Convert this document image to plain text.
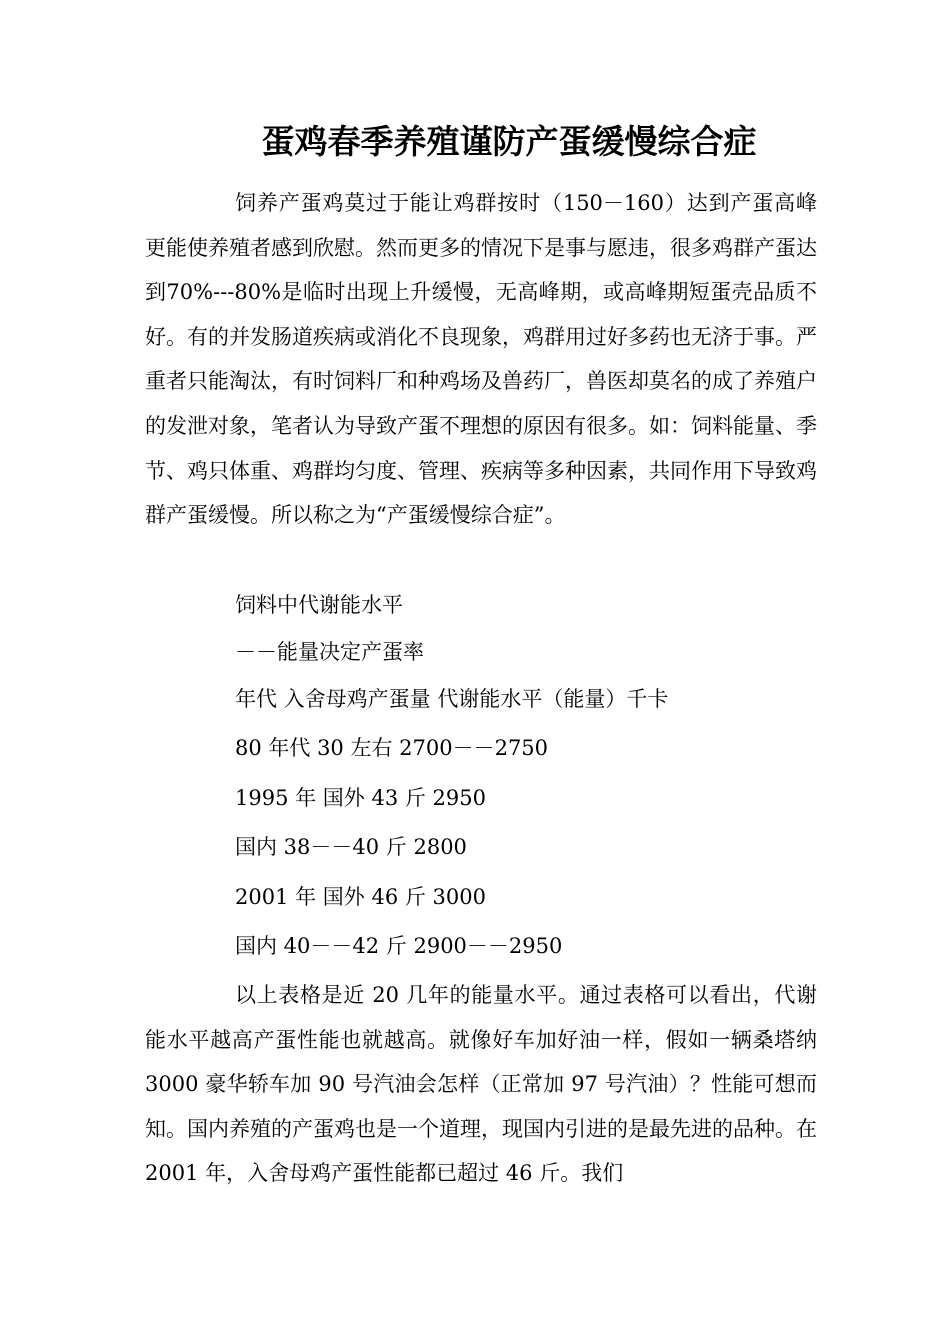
蛋鸡春季养殖谨防产蛋缓慢综合症

饲养产蛋鸡莫过于能让鸡群按时（150－160）达到产蛋高峰更能使养殖者感到欣慰。然而更多的情况下是事与愿违，很多鸡群产蛋达到70%---80%是临时出现上升缓慢，无高峰期，或高峰期短蛋壳品质不好。有的并发肠道疾病或消化不良现象，鸡群用过好多药也无济于事。严重者只能淘汰，有时饲料厂和种鸡场及兽药厂，兽医却莫名的成了养殖户的发泄对象，笔者认为导致产蛋不理想的原因有很多。如：饲料能量、季节、鸡只体重、鸡群均匀度、管理、疾病等多种因素，共同作用下导致鸡群产蛋缓慢。所以称之为“产蛋缓慢综合症”。

饲料中代谢能水平
－－能量决定产蛋率
年代 入舍母鸡产蛋量 代谢能水平（能量）千卡
80 年代 30 左右 2700－－2750
1995 年 国外 43 斤 2950
国内 38－－40 斤 2800
2001 年 国外 46 斤 3000
国内 40－－42 斤 2900－－2950

以上表格是近 20 几年的能量水平。通过表格可以看出，代谢能水平越高产蛋性能也就越高。就像好车加好油一样，假如一辆桑塔纳 3000 豪华轿车加 90 号汽油会怎样（正常加 97 号汽油）？性能可想而知。国内养殖的产蛋鸡也是一个道理，现国内引进的是最先进的品种。在 2001 年，入舍母鸡产蛋性能都已超过 46 斤。我们
